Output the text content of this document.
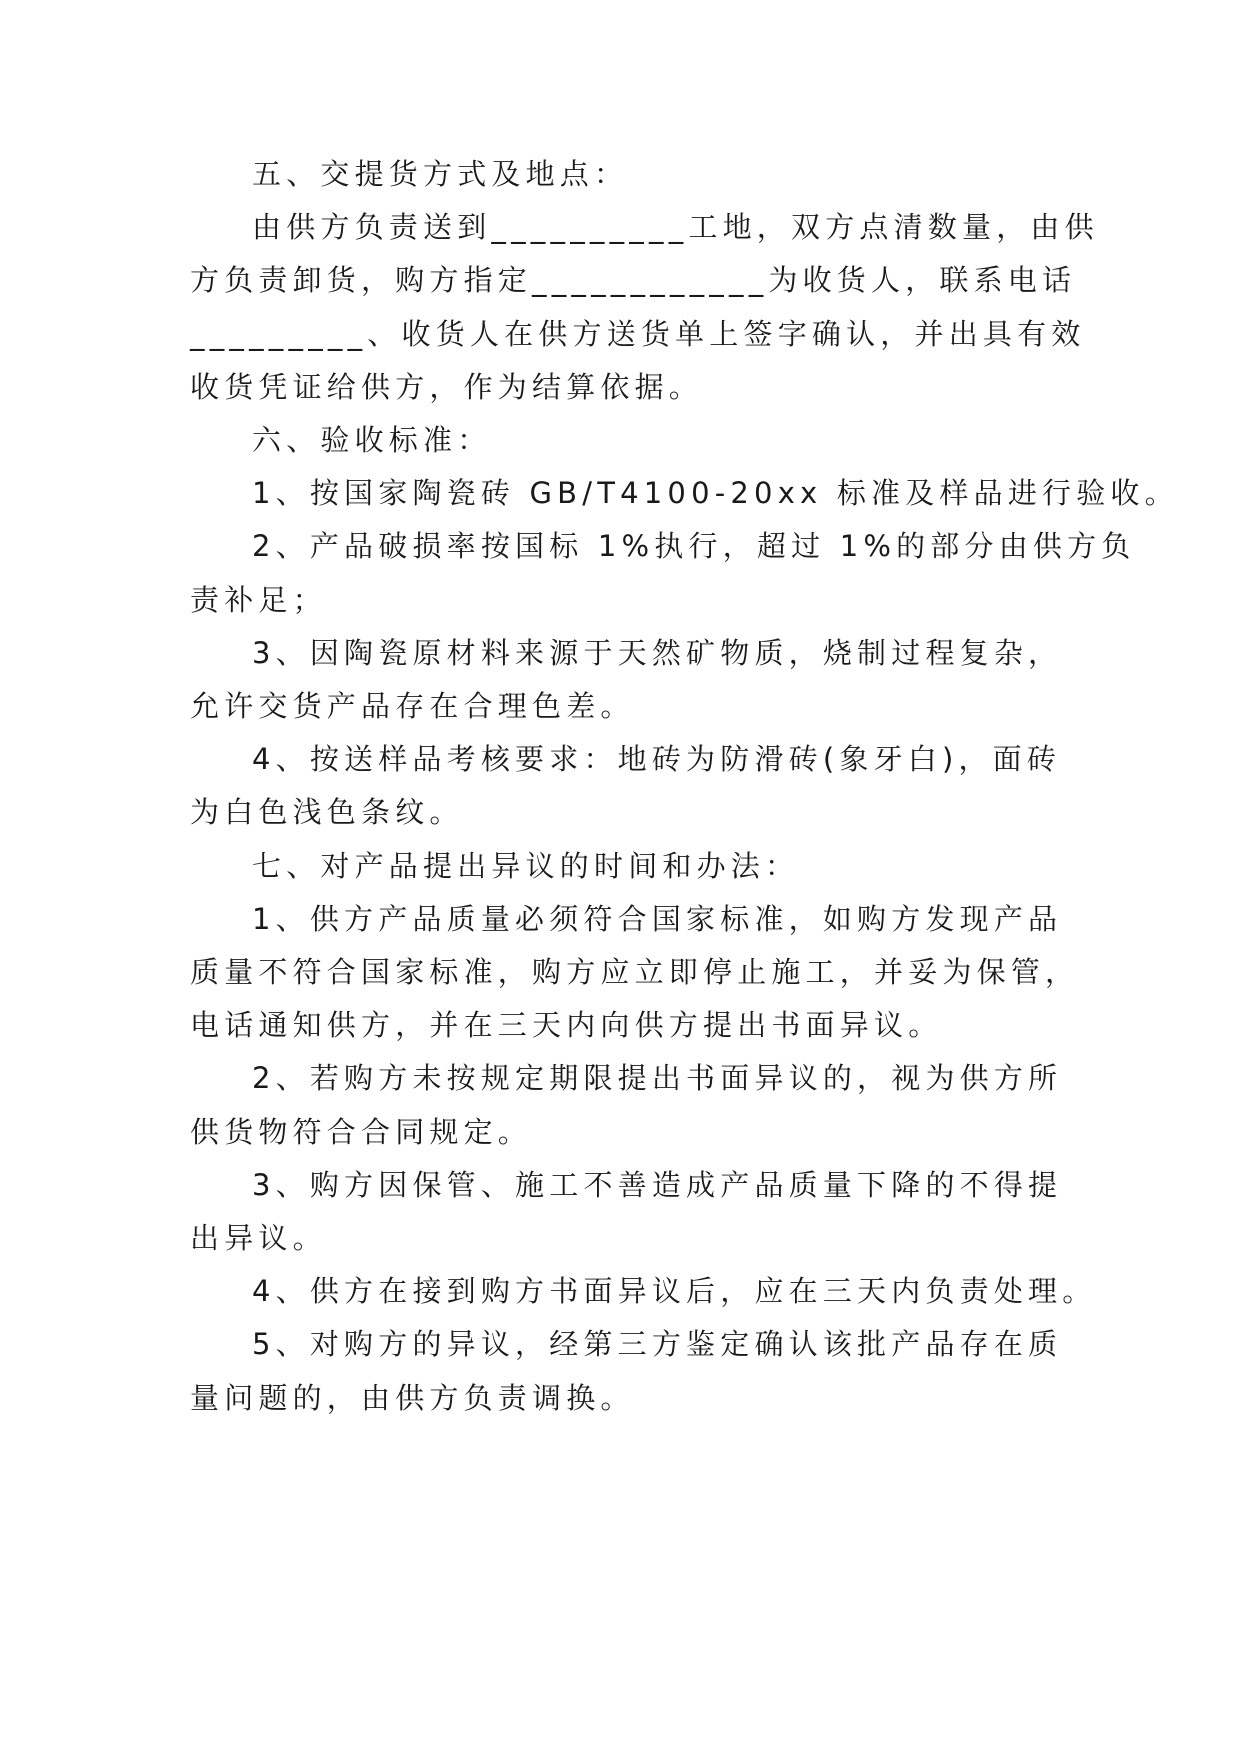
五、交提货方式及地点：
由供方负责送到__________工地，双方点清数量，由供
方负责卸货，购方指定____________为收货人，联系电话
_________、收货人在供方送货单上签字确认，并出具有效
收货凭证给供方，作为结算依据。
六、验收标准：
1、按国家陶瓷砖 GB/T4100-20xx 标准及样品进行验收。
2、产品破损率按国标 1%执行，超过 1%的部分由供方负
责补足；
3、因陶瓷原材料来源于天然矿物质，烧制过程复杂，
允许交货产品存在合理色差。
4、按送样品考核要求：地砖为防滑砖(象牙白)，面砖
为白色浅色条纹。
七、对产品提出异议的时间和办法：
1、供方产品质量必须符合国家标准，如购方发现产品
质量不符合国家标准，购方应立即停止施工，并妥为保管，
电话通知供方，并在三天内向供方提出书面异议。
2、若购方未按规定期限提出书面异议的，视为供方所
供货物符合合同规定。
3、购方因保管、施工不善造成产品质量下降的不得提
出异议。
4、供方在接到购方书面异议后，应在三天内负责处理。
5、对购方的异议，经第三方鉴定确认该批产品存在质
量问题的，由供方负责调换。
